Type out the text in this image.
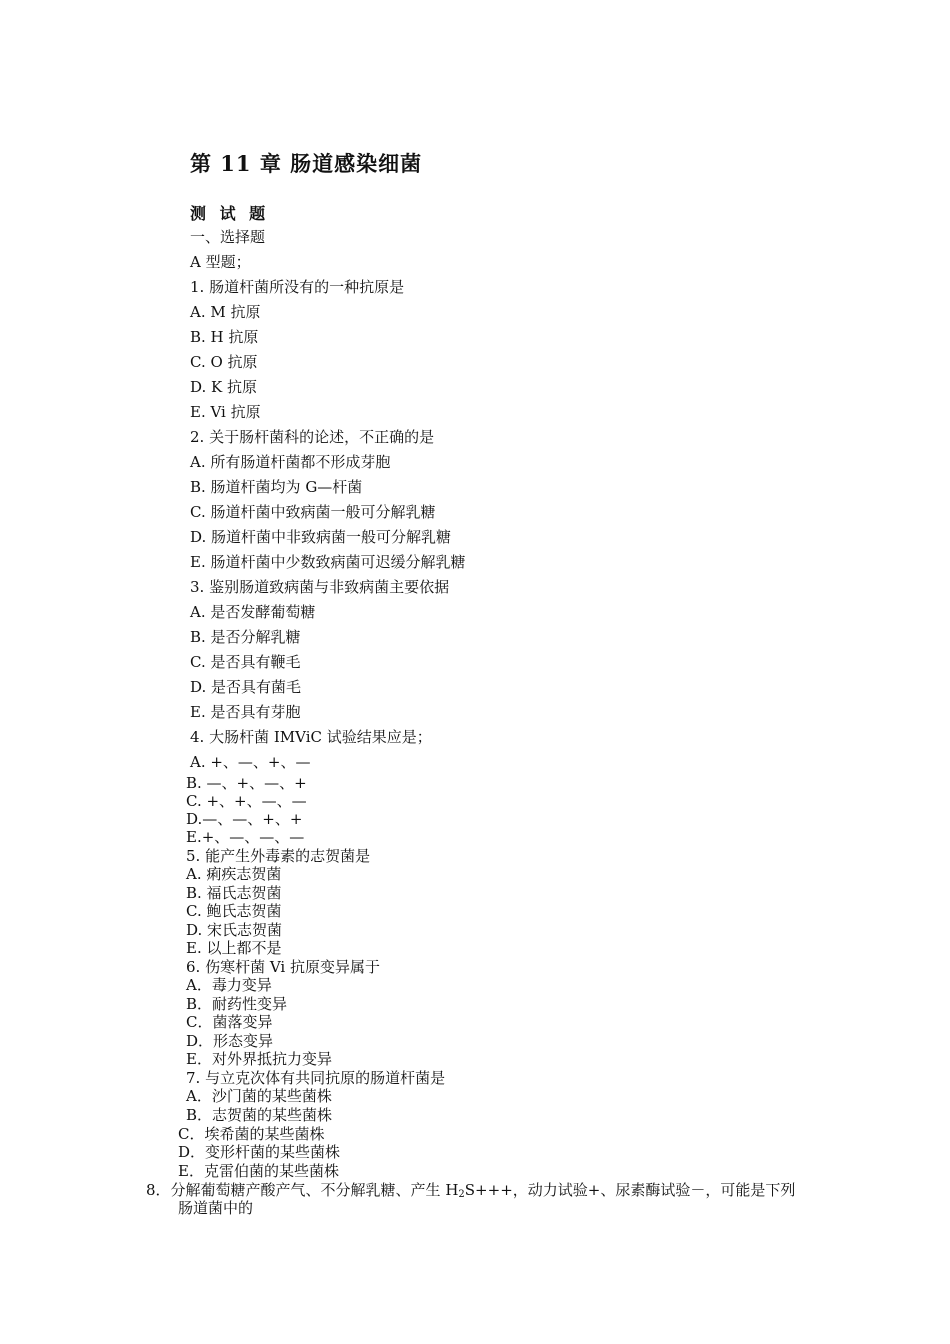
第 11 章 肠道感染细菌
测 试 题
一、选择题
A 型题；
1. 肠道杆菌所没有的一种抗原是
A. M 抗原
B. H 抗原
C. O 抗原
D. K 抗原
E. Vi 抗原
2. 关于肠杆菌科的论述，不正确的是
A. 所有肠道杆菌都不形成芽胞
B. 肠道杆菌均为 G—杆菌
C. 肠道杆菌中致病菌一般可分解乳糖
D. 肠道杆菌中非致病菌一般可分解乳糖
E. 肠道杆菌中少数致病菌可迟缓分解乳糖
3. 鉴别肠道致病菌与非致病菌主要依据
A. 是否发酵葡萄糖
B. 是否分解乳糖
C. 是否具有鞭毛
D. 是否具有菌毛
E. 是否具有芽胞
4. 大肠杆菌 IMViC 试验结果应是；
A. +、—、+、—
B. —、+、—、+
C. +、+、—、—
D.—、—、+、+
E.+、—、—、—
5. 能产生外毒素的志贺菌是
A. 痢疾志贺菌
B. 福氏志贺菌
C. 鲍氏志贺菌
D. 宋氏志贺菌
E. 以上都不是
6. 伤寒杆菌 Vi 抗原变异属于
A．毒力变异
B．耐药性变异
C．菌落变异
D．形态变异
E．对外界抵抗力变异
7. 与立克次体有共同抗原的肠道杆菌是
A．沙门菌的某些菌株
B．志贺菌的某些菌株
C．埃希菌的某些菌株
D．变形杆菌的某些菌株
E．克雷伯菌的某些菌株
8．分解葡萄糖产酸产气、不分解乳糖、产生 $H_2S+++$，动力试验+、尿素酶试验－，可能是下列
肠道菌中的
